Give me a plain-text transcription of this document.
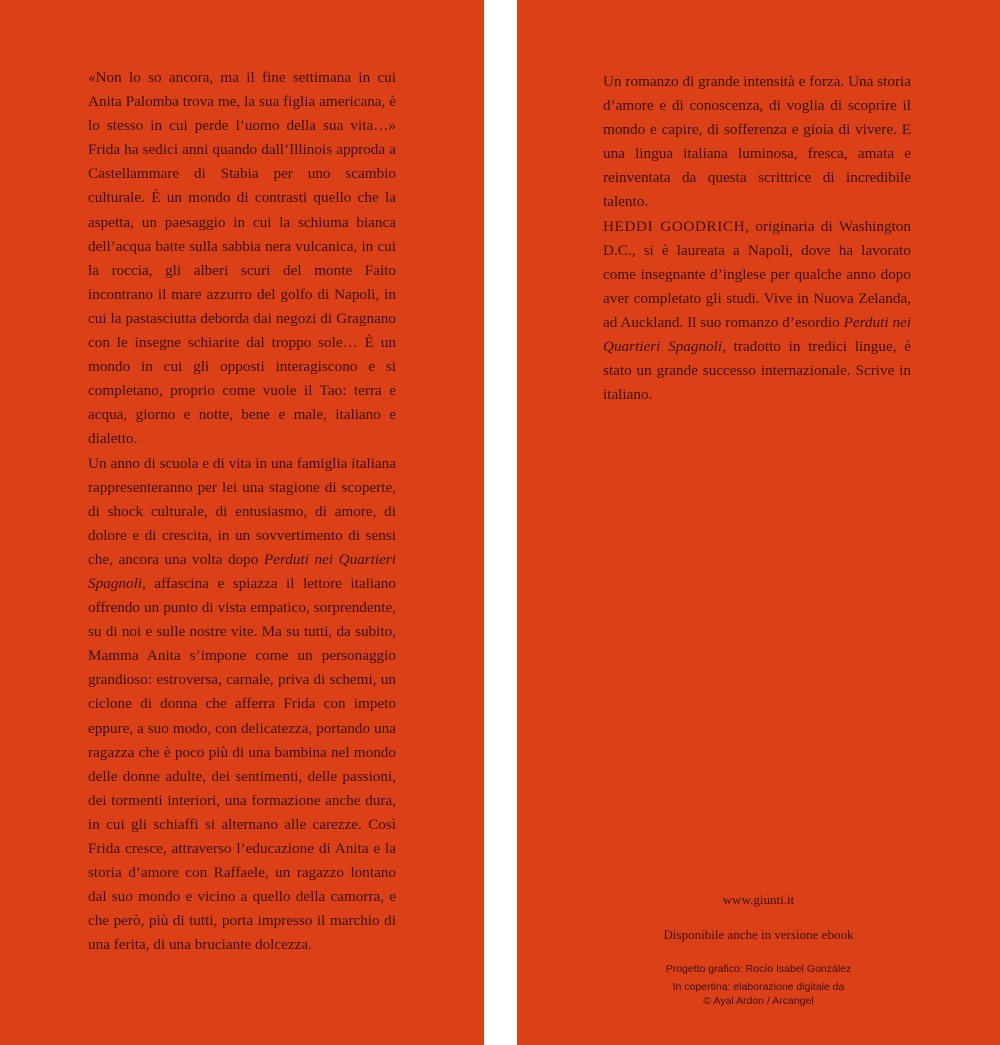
«Non lo so ancora, ma il fine settimana in cui Anita Palomba trova me, la sua figlia americana, è lo stesso in cui perde l’uomo della sua vita…» Frida ha sedici anni quando dall’Illinois approda a Castellammare di Stabia per uno scambio culturale. È un mondo di contrasti quello che la aspetta, un paesaggio in cui la schiuma bianca dell’acqua batte sulla sabbia nera vulcanica, in cui la roccia, gli alberi scuri del monte Faito incontrano il mare azzurro del golfo di Napoli, in cui la pastasciutta deborda dai negozi di Gragnano con le insegne schiarite dal troppo sole… È un mondo in cui gli opposti interagiscono e si completano, proprio come vuole il Tao: terra e acqua, giorno e notte, bene e male, italiano e dialetto.

Un anno di scuola e di vita in una famiglia italiana rappresenteranno per lei una stagione di scoperte, di shock culturale, di entusiasmo, di amore, di dolore e di crescita, in un sovvertimento di sensi che, ancora una volta dopo Perduti nei Quartieri Spagnoli, affascina e spiazza il lettore italiano offrendo un punto di vista empatico, sorprendente, su di noi e sulle nostre vite. Ma su tutti, da subito, Mamma Anita s’impone come un personaggio grandioso: estroversa, carnale, priva di schemi, un ciclone di donna che afferra Frida con impeto eppure, a suo modo, con delicatezza, portando una ragazza che è poco più di una bambina nel mondo delle donne adulte, dei sentimenti, delle passioni, dei tormenti interiori, una formazione anche dura, in cui gli schiaffi si alternano alle carezze. Così Frida cresce, attraverso l’educazione di Anita e la storia d’amore con Raffaele, un ragazzo lontano dal suo mondo e vicino a quello della camorra, e che però, più di tutti, porta impresso il marchio di una ferita, di una bruciante dolcezza.

Un romanzo di grande intensità e forza. Una storia d’amore e di conoscenza, di voglia di scoprire il mondo e capire, di sofferenza e gioia di vivere. E una lingua italiana luminosa, fresca, amata e reinventata da questa scrittrice di incredibile talento.

HEDDI GOODRICH, originaria di Washington D.C., si è laureata a Napoli, dove ha lavorato come insegnante d’inglese per qualche anno dopo aver completato gli studi. Vive in Nuova Zelanda, ad Auckland. Il suo romanzo d’esordio Perduti nei Quartieri Spagnoli, tradotto in tredici lingue, è stato un grande successo internazionale. Scrive in italiano.

www.giunti.it
Disponibile anche in versione ebook
Progetto grafico: Rocío Isabel González
In copertina: elaborazione digitale da
© Ayal Ardon / Arcangel
